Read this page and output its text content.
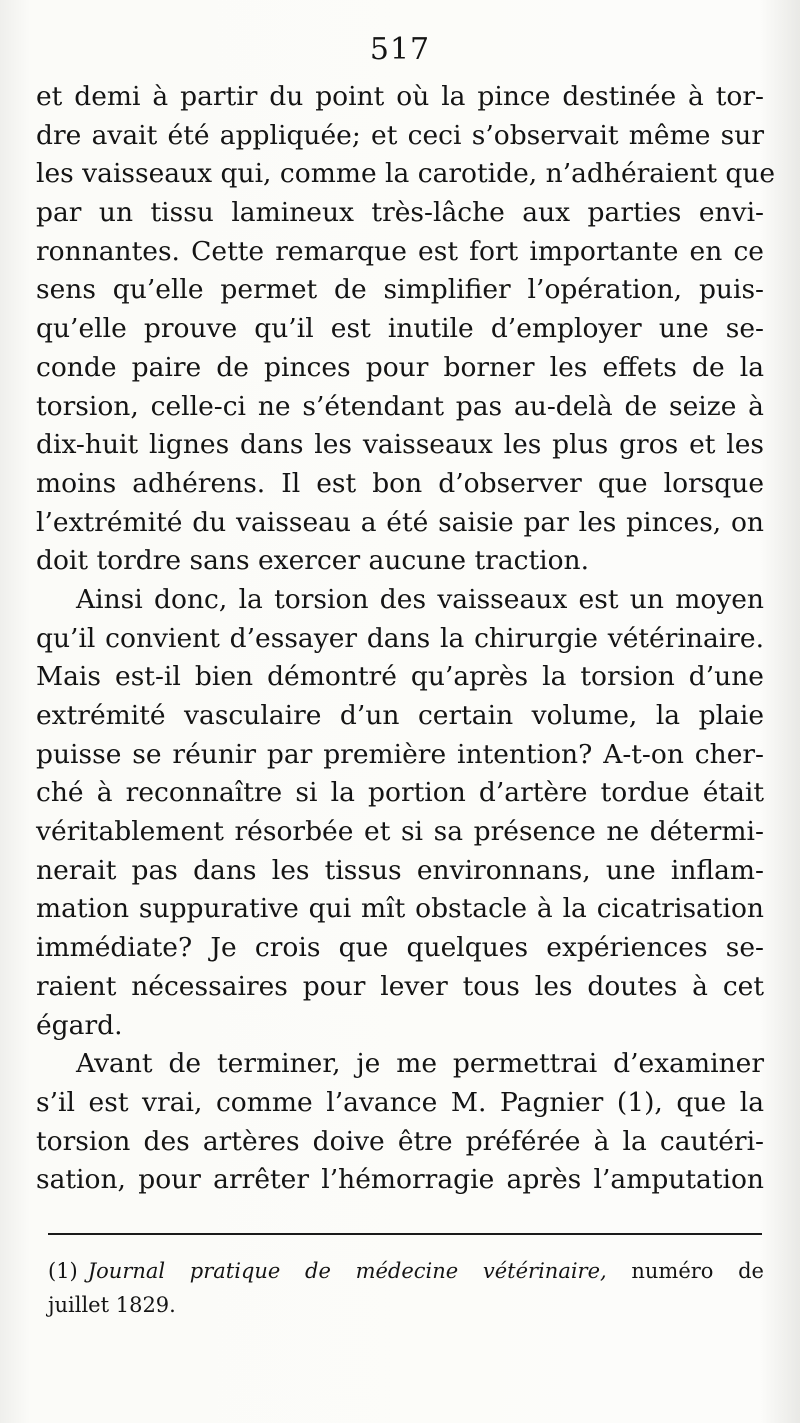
517
et demi à partir du point où la pince destinée à tor-
dre avait été appliquée; et ceci s’observait même sur
les vaisseaux qui, comme la carotide, n’adhéraient que
par un tissu lamineux très-lâche aux parties envi-
ronnantes. Cette remarque est fort importante en ce
sens qu’elle permet de simplifier l’opération, puis-
qu’elle prouve qu’il est inutile d’employer une se-
conde paire de pinces pour borner les effets de la
torsion, celle-ci ne s’étendant pas au-delà de seize à
dix-huit lignes dans les vaisseaux les plus gros et les
moins adhérens. Il est bon d’observer que lorsque
l’extrémité du vaisseau a été saisie par les pinces, on
doit tordre sans exercer aucune traction.
Ainsi donc, la torsion des vaisseaux est un moyen
qu’il convient d’essayer dans la chirurgie vétérinaire.
Mais est-il bien démontré qu’après la torsion d’une
extrémité vasculaire d’un certain volume, la plaie
puisse se réunir par première intention? A-t-on cher-
ché à reconnaître si la portion d’artère tordue était
véritablement résorbée et si sa présence ne détermi-
nerait pas dans les tissus environnans, une inflam-
mation suppurative qui mît obstacle à la cicatrisation
immédiate? Je crois que quelques expériences se-
raient nécessaires pour lever tous les doutes à cet
égard.
Avant de terminer, je me permettrai d’examiner
s’il est vrai, comme l’avance M. Pagnier (1), que la
torsion des artères doive être préférée à la cautéri-
sation, pour arrêter l’hémorragie après l’amputation
(1) Journal pratique de médecine vétérinaire, numéro de
juillet 1829.
